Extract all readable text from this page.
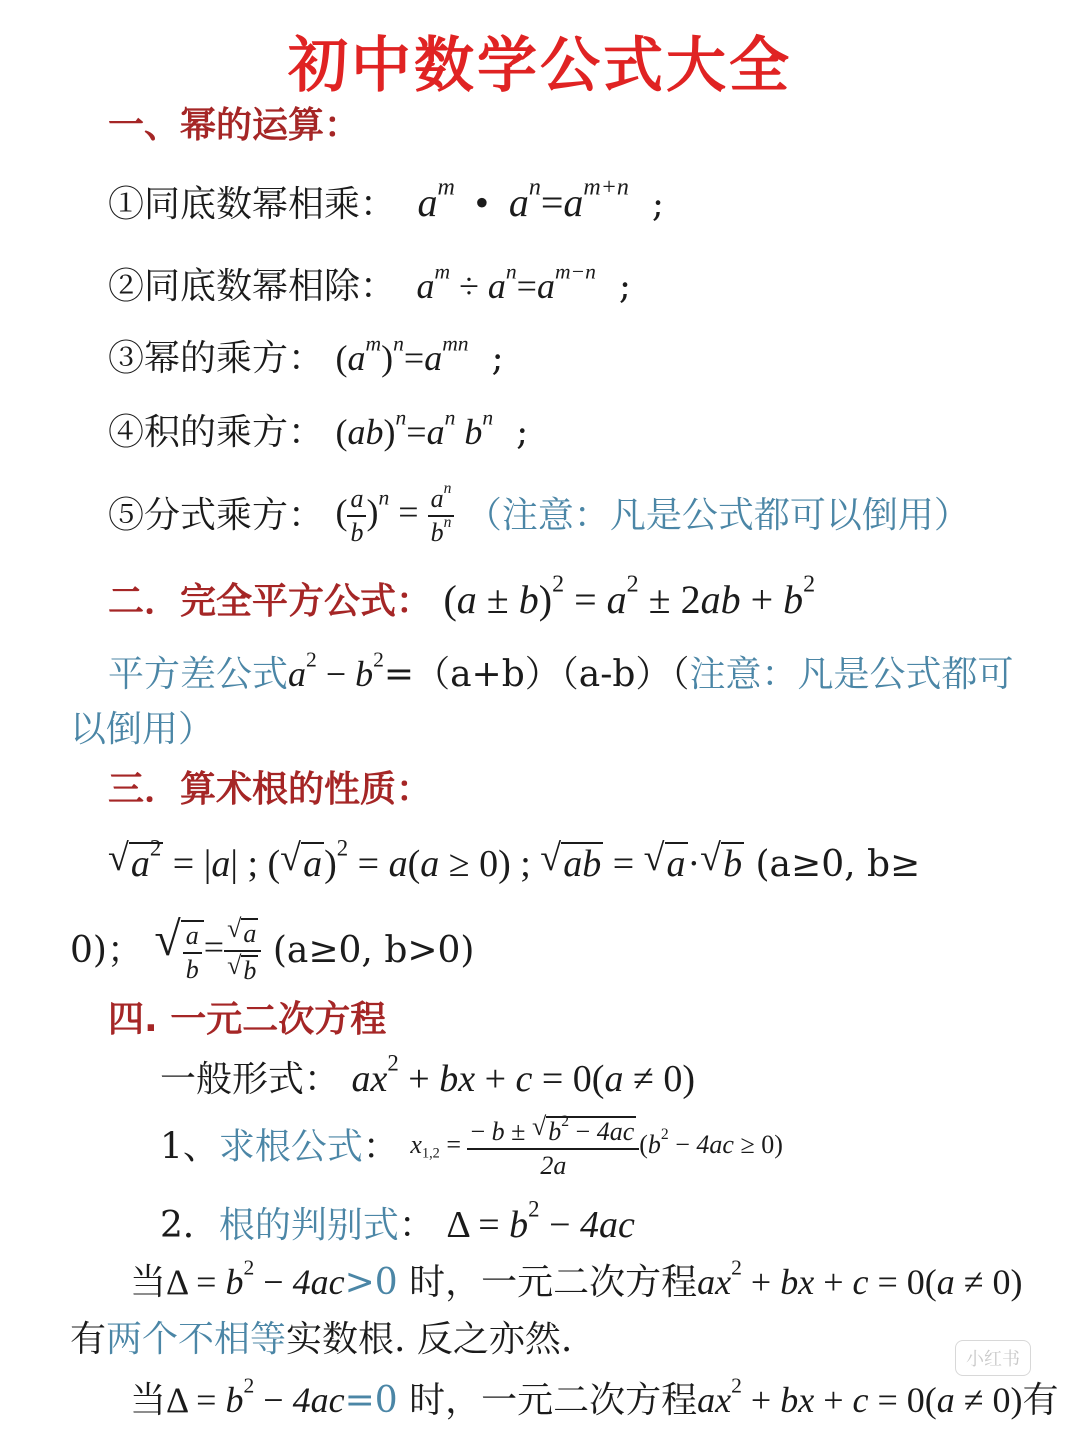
初中数学公式大全
一、幂的运算：
①同底数幂相乘：  $a^m$ •  $a^n=a^{m+n}$  ;
②同底数幂相除：  $a^m \div a^n=a^{m-n}$  ;
③幂的乘方： $(a^m)^n=a^{mn}$  ;
④积的乘方： $(ab)^n=a^n$ $b^n$  ;
⑤分式乘方： ( $\frac{a}{b} )^n = \frac{a^n}{b^n}$ （注意：凡是公式都可以倒用）
二．完全平方公式： $(a \pm b)^2 = a^2 \pm 2ab + b^2$
平方差公式$a^2 - b^2=(a+b)(a-b)$（注意：凡是公式都可
以倒用）
三．算术根的性质：
√ $a^2 = |a|$ ; ( √ a)$^2$ = a(a ≥ 0) ; √ ab = √ a· √ b (a≥0, b≥
0)； √ $\frac{a}{b}$ = √ a
√ b (a≥0, b>0)
四. 一元二次方程
一般形式： $ax^2$ + bx + c = 0(a ≠ 0)
1、求根公式： $x_{1,2} = \frac{- b \pm √ b^2 - 4ac}{2a} (b^2 - 4ac \ge 0)$
2．根的判别式： $\Delta = b^2 - 4ac$
当$\Delta = b^2 - 4ac>0$ 时，一元二次方程$ax^2$ + bx + c = 0(a ≠ 0)
有两个不相等实数根. 反之亦然.
当$\Delta = b^2 - 4ac=0$ 时，一元二次方程$ax^2$ + bx + c = 0(a ≠ 0)有
小红书
